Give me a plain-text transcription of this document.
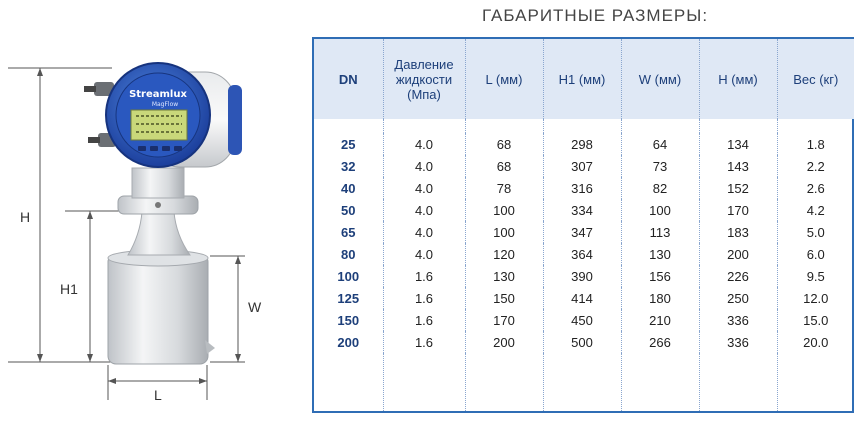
H
H1
W
L
Streamlux
MagFlow
ГАБАРИТНЫЕ РАЗМЕРЫ:
DN	Давление жидкости (Мпа)	L (мм)	H1 (мм)	W (мм)	H (мм)	Вес (кг)

25	4.0	68	298	64	134	1.8
32	4.0	68	307	73	143	2.2
40	4.0	78	316	82	152	2.6
50	4.0	100	334	100	170	4.2
65	4.0	100	347	113	183	5.0
80	4.0	120	364	130	200	6.0
100	1.6	130	390	156	226	9.5
125	1.6	150	414	180	250	12.0
150	1.6	170	450	210	336	15.0
200	1.6	200	500	266	336	20.0
